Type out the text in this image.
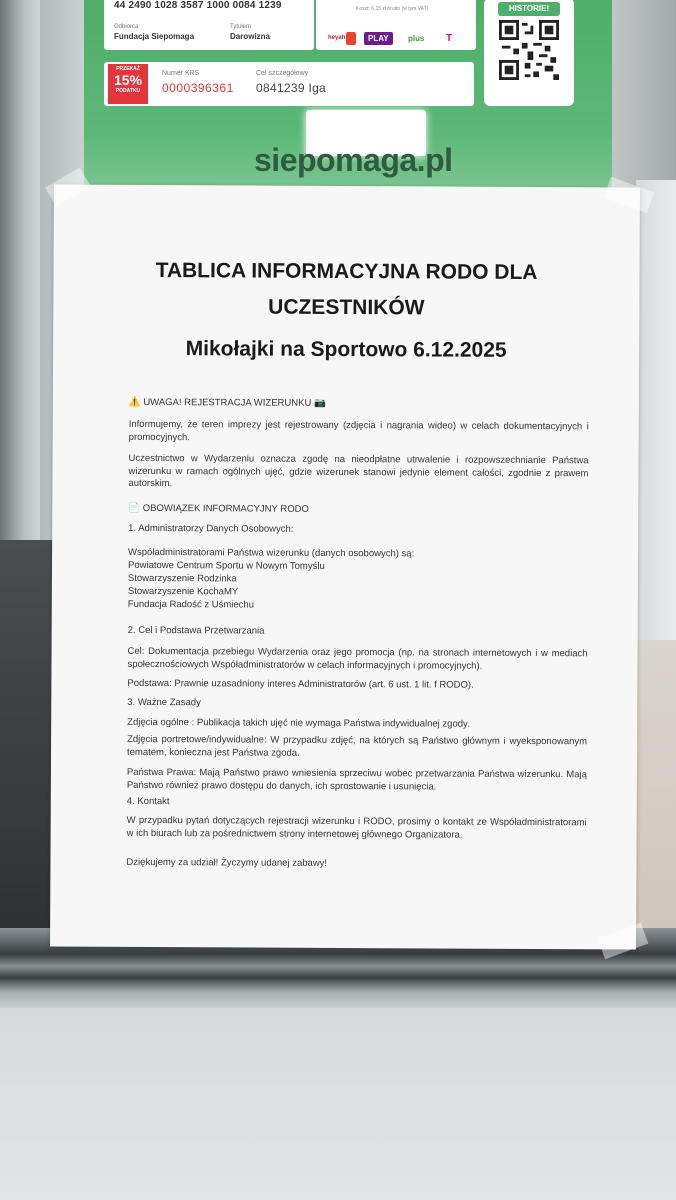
44 2490 1028 3587 1000 0084 1239
Odbiorca
Fundacja Siepomaga
Tytułem
Darowizna
Koszt: 6,15 zł brutto (w tym VAT)
heyah
	PLAY	plus	T
HISTORIE!
PRZEKAŻ
15%
PODATKU
Numer KRS
0000396361
Cel szczegółowy
0841239 Iga
siepomaga.pl
TABLICA INFORMACYJNA RODO DLA
UCZESTNIKÓW
Mikołajki na Sportowo 6.12.2025
⚠️ UWAGA! REJESTRACJA WIZERUNKU 📷
Informujemy, że teren imprezy jest rejestrowany (zdjęcia i nagrania wideo) w celach dokumentacyjnych i promocyjnych.
Uczestnictwo w Wydarzeniu oznacza zgodę na nieodpłatne utrwalenie i rozpowszechnianie Państwa wizerunku w ramach ogólnych ujęć, gdzie wizerunek stanowi jedynie element całości, zgodnie z prawem autorskim.
📄 OBOWIĄZEK INFORMACYJNY RODO
1. Administratorzy Danych Osobowych:
Współadministratorami Państwa wizerunku (danych osobowych) są:
Powiatowe Centrum Sportu w Nowym Tomyślu
Stowarzyszenie Rodzinka
Stowarzyszenie KochaMY
Fundacja Radość z Uśmiechu
2. Cel i Podstawa Przetwarzania
Cel: Dokumentacja przebiegu Wydarzenia oraz jego promocja (np. na stronach internetowych i w mediach społecznościowych Współadministratorów w celach informacyjnych i promocyjnych).
Podstawa: Prawnie uzasadniony interes Administratorów (art. 6 ust. 1 lit. f RODO).
3. Ważne Zasady
Zdjęcia ogólne : Publikacja takich ujęć nie wymaga Państwa indywidualnej zgody.
Zdjęcia portretowe/indywidualne: W przypadku zdjęć, na których są Państwo głównym i wyeksponowanym tematem, konieczna jest Państwa zgoda.
Państwa Prawa: Mają Państwo prawo wniesienia sprzeciwu wobec przetwarzania Państwa wizerunku. Mają Państwo również prawo dostępu do danych, ich sprostowanie i usunięcia.
4. Kontakt
W przypadku pytań dotyczących rejestracji wizerunku i RODO, prosimy o kontakt ze Współadministratorami w ich biurach lub za pośrednictwem strony internetowej głównego Organizatora.
Dziękujemy za udział! Życzymy udanej zabawy!
